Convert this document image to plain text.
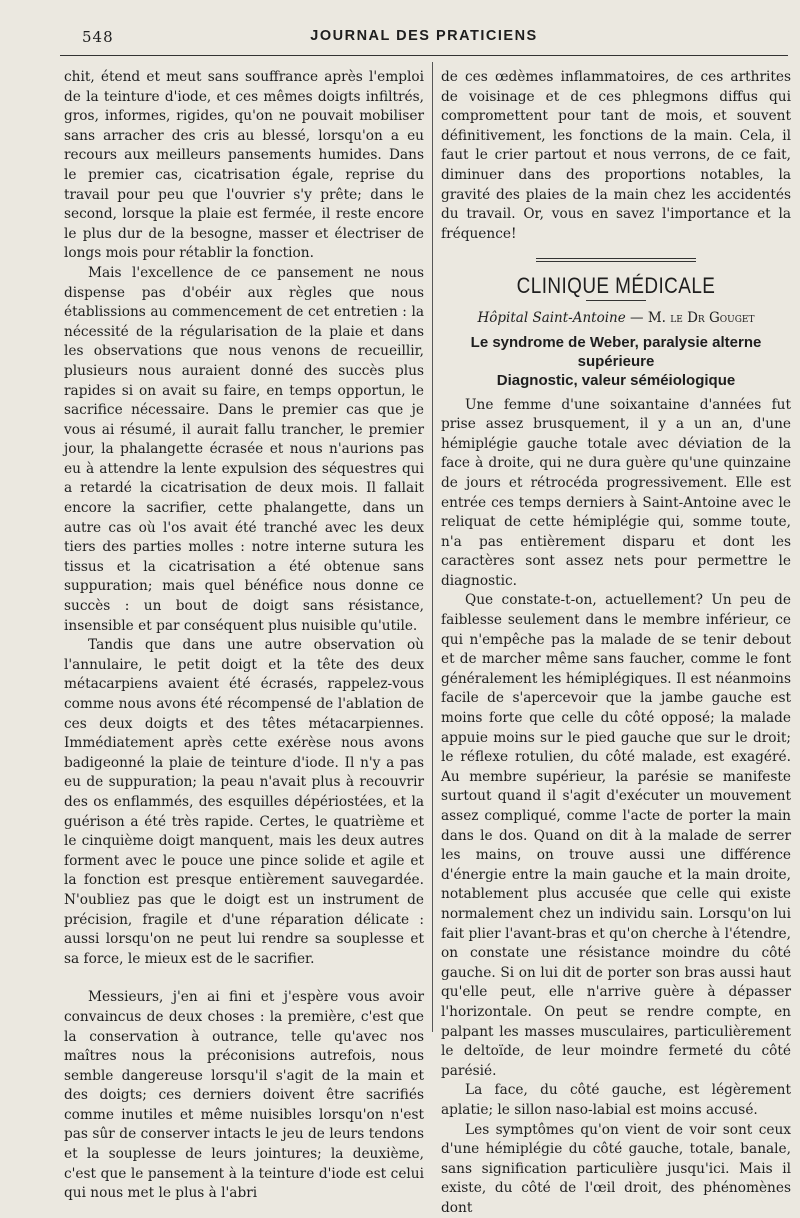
548	JOURNAL DES PRATICIENS

chit, étend et meut sans souffrance après l'emploi de la teinture d'iode, et ces mêmes doigts infiltrés, gros, informes, rigides, qu'on ne pouvait mobiliser sans arracher des cris au blessé, lorsqu'on a eu recours aux meilleurs pansements humides. Dans le premier cas, cicatrisation égale, reprise du travail pour peu que l'ouvrier s'y prête; dans le second, lorsque la plaie est fermée, il reste encore le plus dur de la besogne, masser et électriser de longs mois pour rétablir la fonction.

Mais l'excellence de ce pansement ne nous dispense pas d'obéir aux règles que nous établissions au commencement de cet entretien : la nécessité de la régularisation de la plaie et dans les observations que nous venons de recueillir, plusieurs nous auraient donné des succès plus rapides si on avait su faire, en temps opportun, le sacrifice nécessaire. Dans le premier cas que je vous ai résumé, il aurait fallu trancher, le premier jour, la phalangette écrasée et nous n'aurions pas eu à attendre la lente expulsion des séquestres qui a retardé la cicatrisation de deux mois. Il fallait encore la sacrifier, cette phalangette, dans un autre cas où l'os avait été tranché avec les deux tiers des parties molles : notre interne sutura les tissus et la cicatrisation a été obtenue sans suppuration; mais quel bénéfice nous donne ce succès : un bout de doigt sans résistance, insensible et par conséquent plus nuisible qu'utile.

Tandis que dans une autre observation où l'annulaire, le petit doigt et la tête des deux métacarpiens avaient été écrasés, rappelez-vous comme nous avons été récompensé de l'ablation de ces deux doigts et des têtes métacarpiennes. Immédiatement après cette exérèse nous avons badigeonné la plaie de teinture d'iode. Il n'y a pas eu de suppuration; la peau n'avait plus à recouvrir des os enflammés, des esquilles dépériostées, et la guérison a été très rapide. Certes, le quatrième et le cinquième doigt manquent, mais les deux autres forment avec le pouce une pince solide et agile et la fonction est presque entièrement sauvegardée. N'oubliez pas que le doigt est un instrument de précision, fragile et d'une réparation délicate : aussi lorsqu'on ne peut lui rendre sa souplesse et sa force, le mieux est de le sacrifier.

Messieurs, j'en ai fini et j'espère vous avoir convaincus de deux choses : la première, c'est que la conservation à outrance, telle qu'avec nos maîtres nous la préconisions autrefois, nous semble dangereuse lorsqu'il s'agit de la main et des doigts; ces derniers doivent être sacrifiés comme inutiles et même nuisibles lorsqu'on n'est pas sûr de conserver intacts le jeu de leurs tendons et la souplesse de leurs jointures; la deuxième, c'est que le pansement à la teinture d'iode est celui qui nous met le plus à l'abri

de ces œdèmes inflammatoires, de ces arthrites de voisinage et de ces phlegmons diffus qui compromettent pour tant de mois, et souvent définitivement, les fonctions de la main. Cela, il faut le crier partout et nous verrons, de ce fait, diminuer dans des proportions notables, la gravité des plaies de la main chez les accidentés du travail. Or, vous en savez l'importance et la fréquence!

CLINIQUE MÉDICALE
Hôpital Saint-Antoine — M. le Dr Gouget
Le syndrome de Weber, paralysie alterne supérieure
Diagnostic, valeur séméiologique

Une femme d'une soixantaine d'années fut prise assez brusquement, il y a un an, d'une hémiplégie gauche totale avec déviation de la face à droite, qui ne dura guère qu'une quinzaine de jours et rétrocéda progressivement. Elle est entrée ces temps derniers à Saint-Antoine avec le reliquat de cette hémiplégie qui, somme toute, n'a pas entièrement disparu et dont les caractères sont assez nets pour permettre le diagnostic.

Que constate-t-on, actuellement? Un peu de faiblesse seulement dans le membre inférieur, ce qui n'empêche pas la malade de se tenir debout et de marcher même sans faucher, comme le font généralement les hémiplégiques. Il est néanmoins facile de s'apercevoir que la jambe gauche est moins forte que celle du côté opposé; la malade appuie moins sur le pied gauche que sur le droit; le réflexe rotulien, du côté malade, est exagéré. Au membre supérieur, la parésie se manifeste surtout quand il s'agit d'exécuter un mouvement assez compliqué, comme l'acte de porter la main dans le dos. Quand on dit à la malade de serrer les mains, on trouve aussi une différence d'énergie entre la main gauche et la main droite, notablement plus accusée que celle qui existe normalement chez un individu sain. Lorsqu'on lui fait plier l'avant-bras et qu'on cherche à l'étendre, on constate une résistance moindre du côté gauche. Si on lui dit de porter son bras aussi haut qu'elle peut, elle n'arrive guère à dépasser l'horizontale. On peut se rendre compte, en palpant les masses musculaires, particulièrement le deltoïde, de leur moindre fermeté du côté parésié.

La face, du côté gauche, est légèrement aplatie; le sillon naso-labial est moins accusé.

Les symptômes qu'on vient de voir sont ceux d'une hémiplégie du côté gauche, totale, banale, sans signification particulière jusqu'ici. Mais il existe, du côté de l'œil droit, des phénomènes dont
